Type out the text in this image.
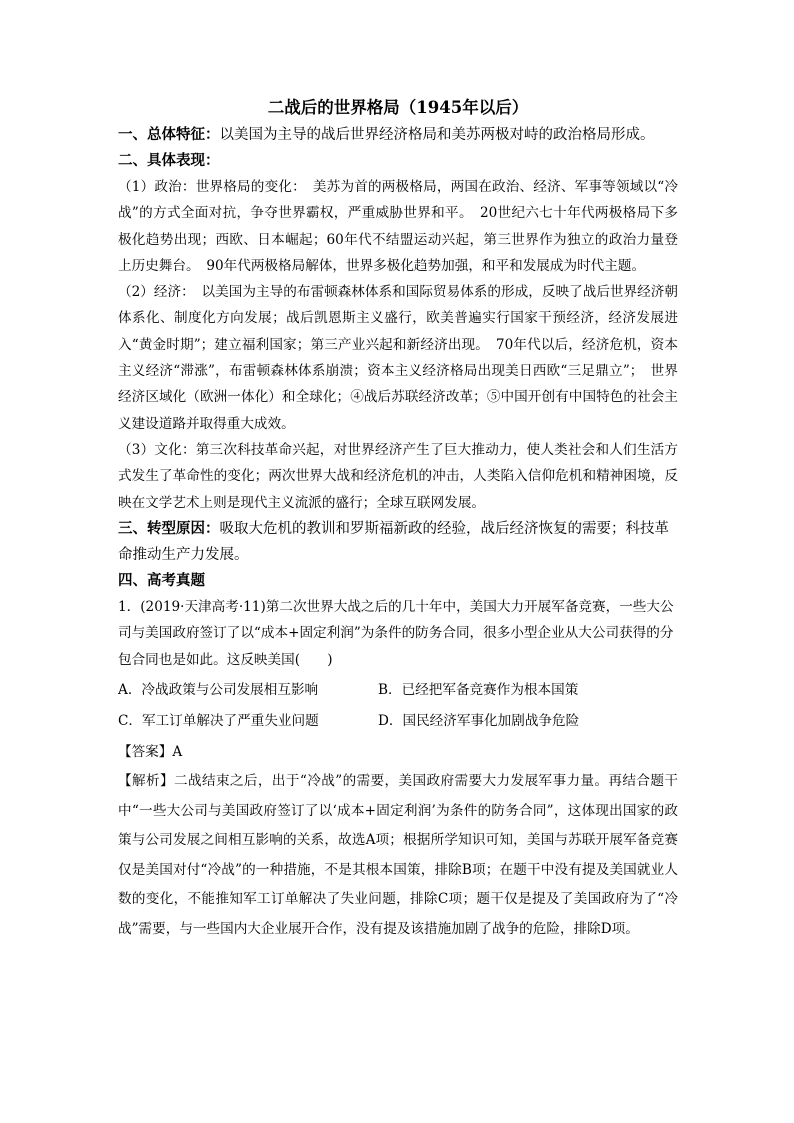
二战后的世界格局（1945年以后）

一、总体特征：以美国为主导的战后世界经济格局和美苏两极对峙的政治格局形成。

二、具体表现：

（1）政治：世界格局的变化：　美苏为首的两极格局，两国在政治、经济、军事等领域以“冷战”的方式全面对抗，争夺世界霸权，严重威胁世界和平。　20世纪六七十年代两极格局下多极化趋势出现；西欧、日本崛起；60年代不结盟运动兴起，第三世界作为独立的政治力量登上历史舞台。　90年代两极格局解体，世界多极化趋势加强，和平和发展成为时代主题。

（2）经济：　以美国为主导的布雷顿森林体系和国际贸易体系的形成，反映了战后世界经济朝体系化、制度化方向发展；战后凯恩斯主义盛行，欧美普遍实行国家干预经济，经济发展进入“黄金时期”；建立福利国家；第三产业兴起和新经济出现。　70年代以后，经济危机，资本主义经济“滞涨”，布雷顿森林体系崩溃；资本主义经济格局出现美日西欧“三足鼎立”；　世界经济区域化（欧洲一体化）和全球化；④战后苏联经济改革；⑤中国开创有中国特色的社会主义建设道路并取得重大成效。

（3）文化：第三次科技革命兴起，对世界经济产生了巨大推动力，使人类社会和人们生活方式发生了革命性的变化；两次世界大战和经济危机的冲击，人类陷入信仰危机和精神困境，反映在文学艺术上则是现代主义流派的盛行；全球互联网发展。

三、转型原因：吸取大危机的教训和罗斯福新政的经验，战后经济恢复的需要；科技革命推动生产力发展。

四、高考真题

1．(2019·天津高考·11)第二次世界大战之后的几十年中，美国大力开展军备竞赛，一些大公司与美国政府签订了以“成本+固定利润”为条件的防务合同，很多小型企业从大公司获得的分包合同也是如此。这反映美国(　　)

A．冷战政策与公司发展相互影响	B．已经把军备竞赛作为根本国策
C．军工订单解决了严重失业问题	D．国民经济军事化加剧战争危险

【答案】A

【解析】二战结束之后，出于“冷战”的需要，美国政府需要大力发展军事力量。再结合题干中“一些大公司与美国政府签订了以‘成本+固定利润’为条件的防务合同”，这体现出国家的政策与公司发展之间相互影响的关系，故选A项；根据所学知识可知，美国与苏联开展军备竞赛仅是美国对付“冷战”的一种措施，不是其根本国策，排除B项；在题干中没有提及美国就业人数的变化，不能推知军工订单解决了失业问题，排除C项；题干仅是提及了美国政府为了“冷战”需要，与一些国内大企业展开合作，没有提及该措施加剧了战争的危险，排除D项。
